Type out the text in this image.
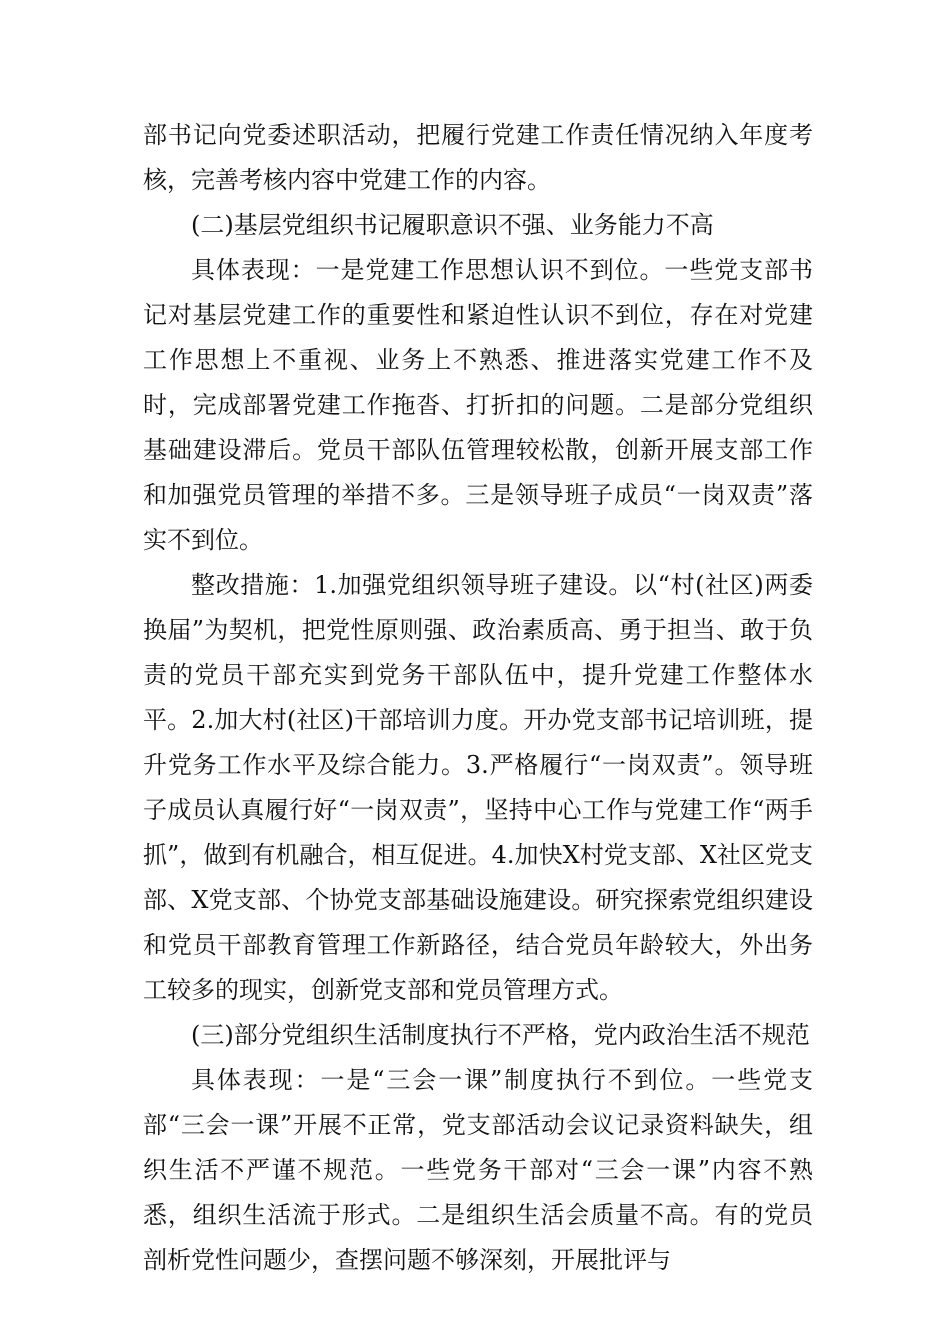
部书记向党委述职活动，把履行党建工作责任情况纳入年度考核，完善考核内容中党建工作的内容。

(二)基层党组织书记履职意识不强、业务能力不高

具体表现：一是党建工作思想认识不到位。一些党支部书记对基层党建工作的重要性和紧迫性认识不到位，存在对党建工作思想上不重视、业务上不熟悉、推进落实党建工作不及时，完成部署党建工作拖沓、打折扣的问题。二是部分党组织基础建设滞后。党员干部队伍管理较松散，创新开展支部工作和加强党员管理的举措不多。三是领导班子成员“一岗双责”落实不到位。

整改措施：1.加强党组织领导班子建设。以“村(社区)两委换届”为契机，把党性原则强、政治素质高、勇于担当、敢于负责的党员干部充实到党务干部队伍中，提升党建工作整体水平。2.加大村(社区)干部培训力度。开办党支部书记培训班，提升党务工作水平及综合能力。3.严格履行“一岗双责”。领导班子成员认真履行好“一岗双责”，坚持中心工作与党建工作“两手抓”，做到有机融合，相互促进。4.加快X村党支部、X社区党支部、X党支部、个协党支部基础设施建设。研究探索党组织建设和党员干部教育管理工作新路径，结合党员年龄较大，外出务工较多的现实，创新党支部和党员管理方式。

(三)部分党组织生活制度执行不严格，党内政治生活不规范

具体表现：一是“三会一课”制度执行不到位。一些党支部“三会一课”开展不正常，党支部活动会议记录资料缺失，组织生活不严谨不规范。一些党务干部对“三会一课”内容不熟悉，组织生活流于形式。二是组织生活会质量不高。有的党员剖析党性问题少，查摆问题不够深刻，开展批评与
